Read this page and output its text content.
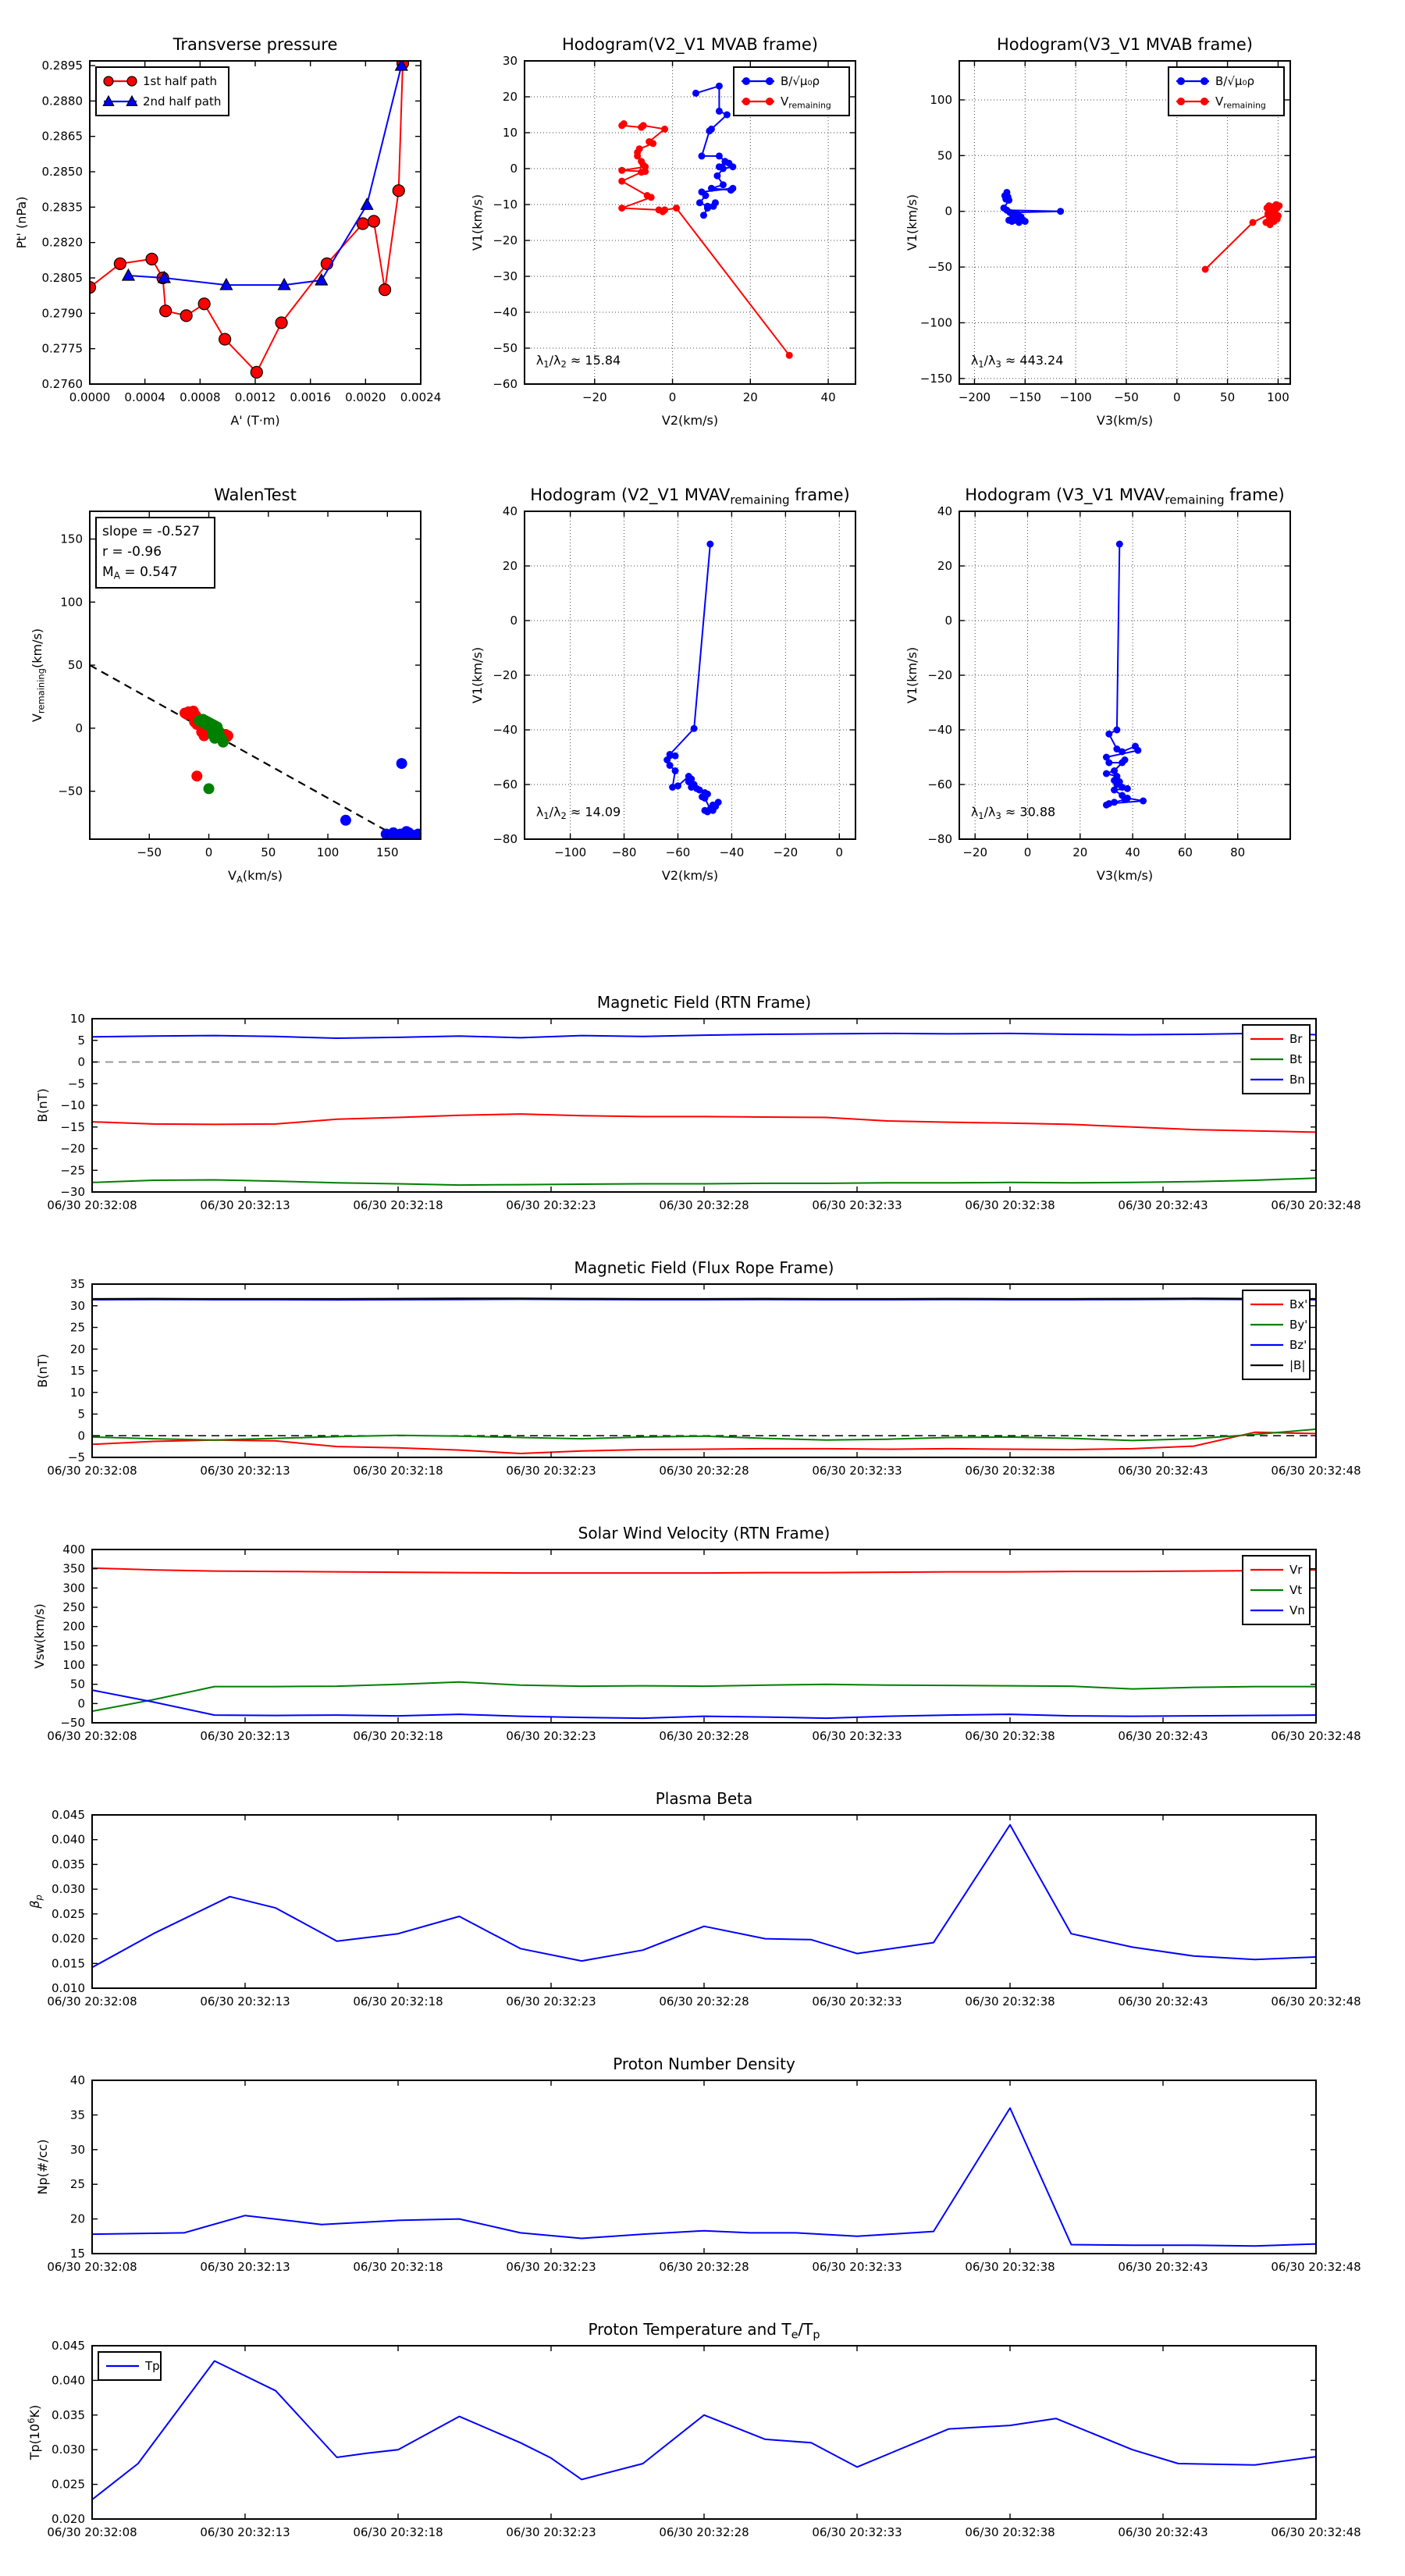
0.0000 0.0004 0.0008 0.0012 0.0016 0.0020 0.0024
0.2760
0.2775
0.2790
0.2805
0.2820
0.2835
0.2850
0.2865
0.2880
0.2895
Transverse pressure
A' (T·m)
Pt' (nPa)
1st half path
2nd half path
−20	0	20	40
−60
−50
−40
−30
−20
−10
0
10
20
30
Hodogram(V2_V1 MVAB frame)
V2(km/s)
V1(km/s)
$\lambda_1/\lambda_2 \approx 15.84$
B/√μ₀ρ
$V_{remaining}$
−200 −150 −100 −50	0	50	100
−150
−100
−50
0
50
100
Hodogram(V3_V1 MVAB frame)
V3(km/s)
V1(km/s)
$\lambda_1/\lambda_3 \approx 443.24$
B/√μ₀ρ
$V_{remaining}$
−50	0	50	100	150
−50
0
50
100
150
WalenTest
$V_A(km/s)$
$V_{remaining}(km/s)$
slope = -0.527
r = -0.96
$M_A = 0.547$
−100 −80 −60 −40 −20	0
−80
−60
−40
−20
0
20
40
Hodogram (V2_V1 $MVAV_{remaining}$ frame)
V2(km/s)
V1(km/s)
$\lambda_1/\lambda_2 \approx 14.09$
−20	0	20	40	60	80
−80
−60
−40
−20
0
20
40
Hodogram (V3_V1 $MVAV_{remaining}$ frame)
V3(km/s)
V1(km/s)
$\lambda_1/\lambda_3 \approx 30.88$
06/30 20:32:08	06/30 20:32:13	06/30 20:32:18	06/30 20:32:23	06/30 20:32:28	06/30 20:32:33	06/30 20:32:38	06/30 20:32:43	06/30 20:32:48
−30
−25
−20
−15
−10
−5
0
5
10
Magnetic Field (RTN Frame)
B(nT)
Br
Bt
Bn
06/30 20:32:08	06/30 20:32:13	06/30 20:32:18	06/30 20:32:23	06/30 20:32:28	06/30 20:32:33	06/30 20:32:38	06/30 20:32:43	06/30 20:32:48
−5
0
5
10
15
20
25
30
35
Magnetic Field (Flux Rope Frame)
B(nT)
Bx'
By'
Bz'
|B|
06/30 20:32:08	06/30 20:32:13	06/30 20:32:18	06/30 20:32:23	06/30 20:32:28	06/30 20:32:33	06/30 20:32:38	06/30 20:32:43	06/30 20:32:48
−50
0
50
100
150
200
250
300
350
400
Solar Wind Velocity (RTN Frame)
Vsw(km/s)
Vr
Vt
Vn
06/30 20:32:08	06/30 20:32:13	06/30 20:32:18	06/30 20:32:23	06/30 20:32:28	06/30 20:32:33	06/30 20:32:38	06/30 20:32:43	06/30 20:32:48
0.010
0.015
0.020
0.025
0.030
0.035
0.040
0.045
Plasma Beta
$\beta_p$
06/30 20:32:08	06/30 20:32:13	06/30 20:32:18	06/30 20:32:23	06/30 20:32:28	06/30 20:32:33	06/30 20:32:38	06/30 20:32:43	06/30 20:32:48
15
20
25
30
35
40
Proton Number Density
Np(#/cc)
06/30 20:32:08	06/30 20:32:13	06/30 20:32:18	06/30 20:32:23	06/30 20:32:28	06/30 20:32:33	06/30 20:32:38	06/30 20:32:43	06/30 20:32:48
0.020
0.025
0.030
0.035
0.040
0.045
Proton Temperature and $T_e/T_p$
$Tp(10^6K)$
Tp
